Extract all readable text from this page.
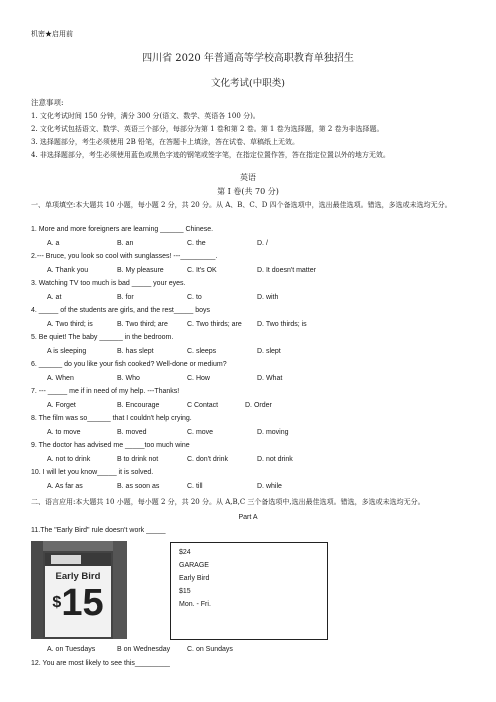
机密★启用前
四川省 2020 年普通高等学校高职教育单独招生
文化考试(中职类)
注意事项:
1. 文化考试时间 150 分钟，满分 300 分(语文、数学、英语各 100 分)。
2. 文化考试包括语文、数学、英语三个部分，每部分为第 1 卷和第 2 卷。第 1 卷为选择题，第 2 卷为非选择题。
3. 选择题部分，考生必须使用 2B 铅笔，在答题卡上填涂，答在试卷、草稿纸上无效。
4. 非选择题部分，考生必须使用蓝色或黑色字迹的钢笔或签字笔，在指定位置作答，答在指定位置以外的地方无效。
英语
第 I 卷(共 70 分)
一、单项填空:本大题共 10 小题，每小题 2 分，共 20 分。从 A、B、C、D 四个备选项中，选出最佳选项。错选，多选或未选均无分。
1. More and more foreigners are learning ______ Chinese.
A. a	B. an	C. the	D. /
2.--- Bruce, you look so cool with sunglasses! ---_________.
A. Thank you	B. My pleasure	C. It's OK	D. It doesn't matter
3. Watching TV too much is bad _____ your eyes.
A. at	B. for	C. to	D. with
4. _____ of the students are girls, and the rest_____ boys
A. Two third; is	B. Two third; are	C. Two thirds; are D. Two thirds; is
5. Be quiet! The baby ______ in the bedroom.
A is sleeping	B. has slept	C. sleeps	D. slept
6. ______ do you like your fish cooked? Well-done or medium?
A. When	B. Who	C. How	D. What
7. --- _____ me if in need of my help. ---Thanks!
A. Forget	B. Encourage	C Contact	D. Order
8. The film was so______ that I couldn't help crying.
A. to move	B. moved	C. move	D. moving
9. The doctor has advised me _____too much wine
A. not to drink	B to drink not	C. don't drink	D. not drink
10. I will let you know_____ it is solved.
A. As far as	B. as soon as	C. till	D. while
二、语言应用:本大题共 10 小题，每小题 2 分，共 20 分。从 A,B,C 三个备选项中,选出最佳选项。错选，多选或未选均无分。
Part A
11.The "Early Bird" rule doesn't work _____
Early Bird
$15
$24
GARAGE
Early Bird
$15
Mon. - Fri.
A. on Tuesdays	B on Wednesday C. on Sundays
12. You are most likely to see this_________
